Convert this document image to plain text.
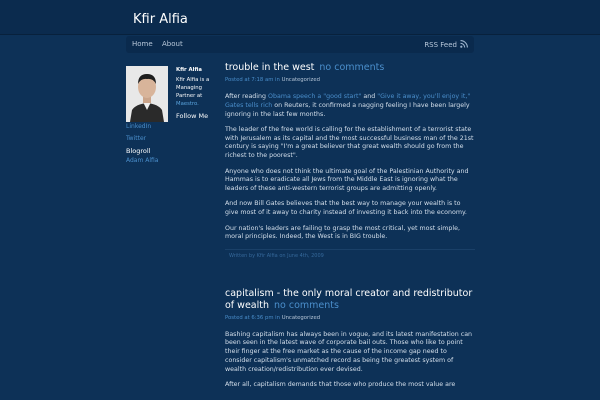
Kfir Alfia
Home About	RSS Feed
Kfir Alfia
Kfir Alfia is a Managing Partner at Maestro.
Follow Me
LinkedIn
Twitter
Blogroll
Adam Alfia
trouble in the west no comments
Posted at 7:18 am in Uncategorized

After reading Obama speech a "good start" and "Give it away, you'll enjoy it," Gates tells rich on Reuters, it confirmed a nagging feeling I have been largely ignoring in the last few months.

The leader of the free world is calling for the establishment of a terrorist state with Jerusalem as its capital and the most successful business man of the 21st century is saying "I'm a great believer that great wealth should go from the richest to the poorest".

Anyone who does not think the ultimate goal of the Palestinian Authority and Hammas is to eradicate all Jews from the Middle East is ignoring what the leaders of these anti-western terrorist groups are admitting openly.

And now Bill Gates believes that the best way to manage your wealth is to give most of it away to charity instead of investing it back into the economy.

Our nation's leaders are failing to grasp the most critical, yet most simple, moral principles. Indeed, the West is in BIG trouble.

Written by Kfir Alfia on June 4th, 2009
capitalism - the only moral creator and redistributor of wealth no comments
Posted at 6:36 pm in Uncategorized

Bashing capitalism has always been in vogue, and its latest manifestation can been seen in the latest wave of corporate bail outs. Those who like to point their finger at the free market as the cause of the income gap need to consider capitalism's unmatched record as being the greatest system of wealth creation/redistribution ever devised.

After all, capitalism demands that those who produce the most value are
